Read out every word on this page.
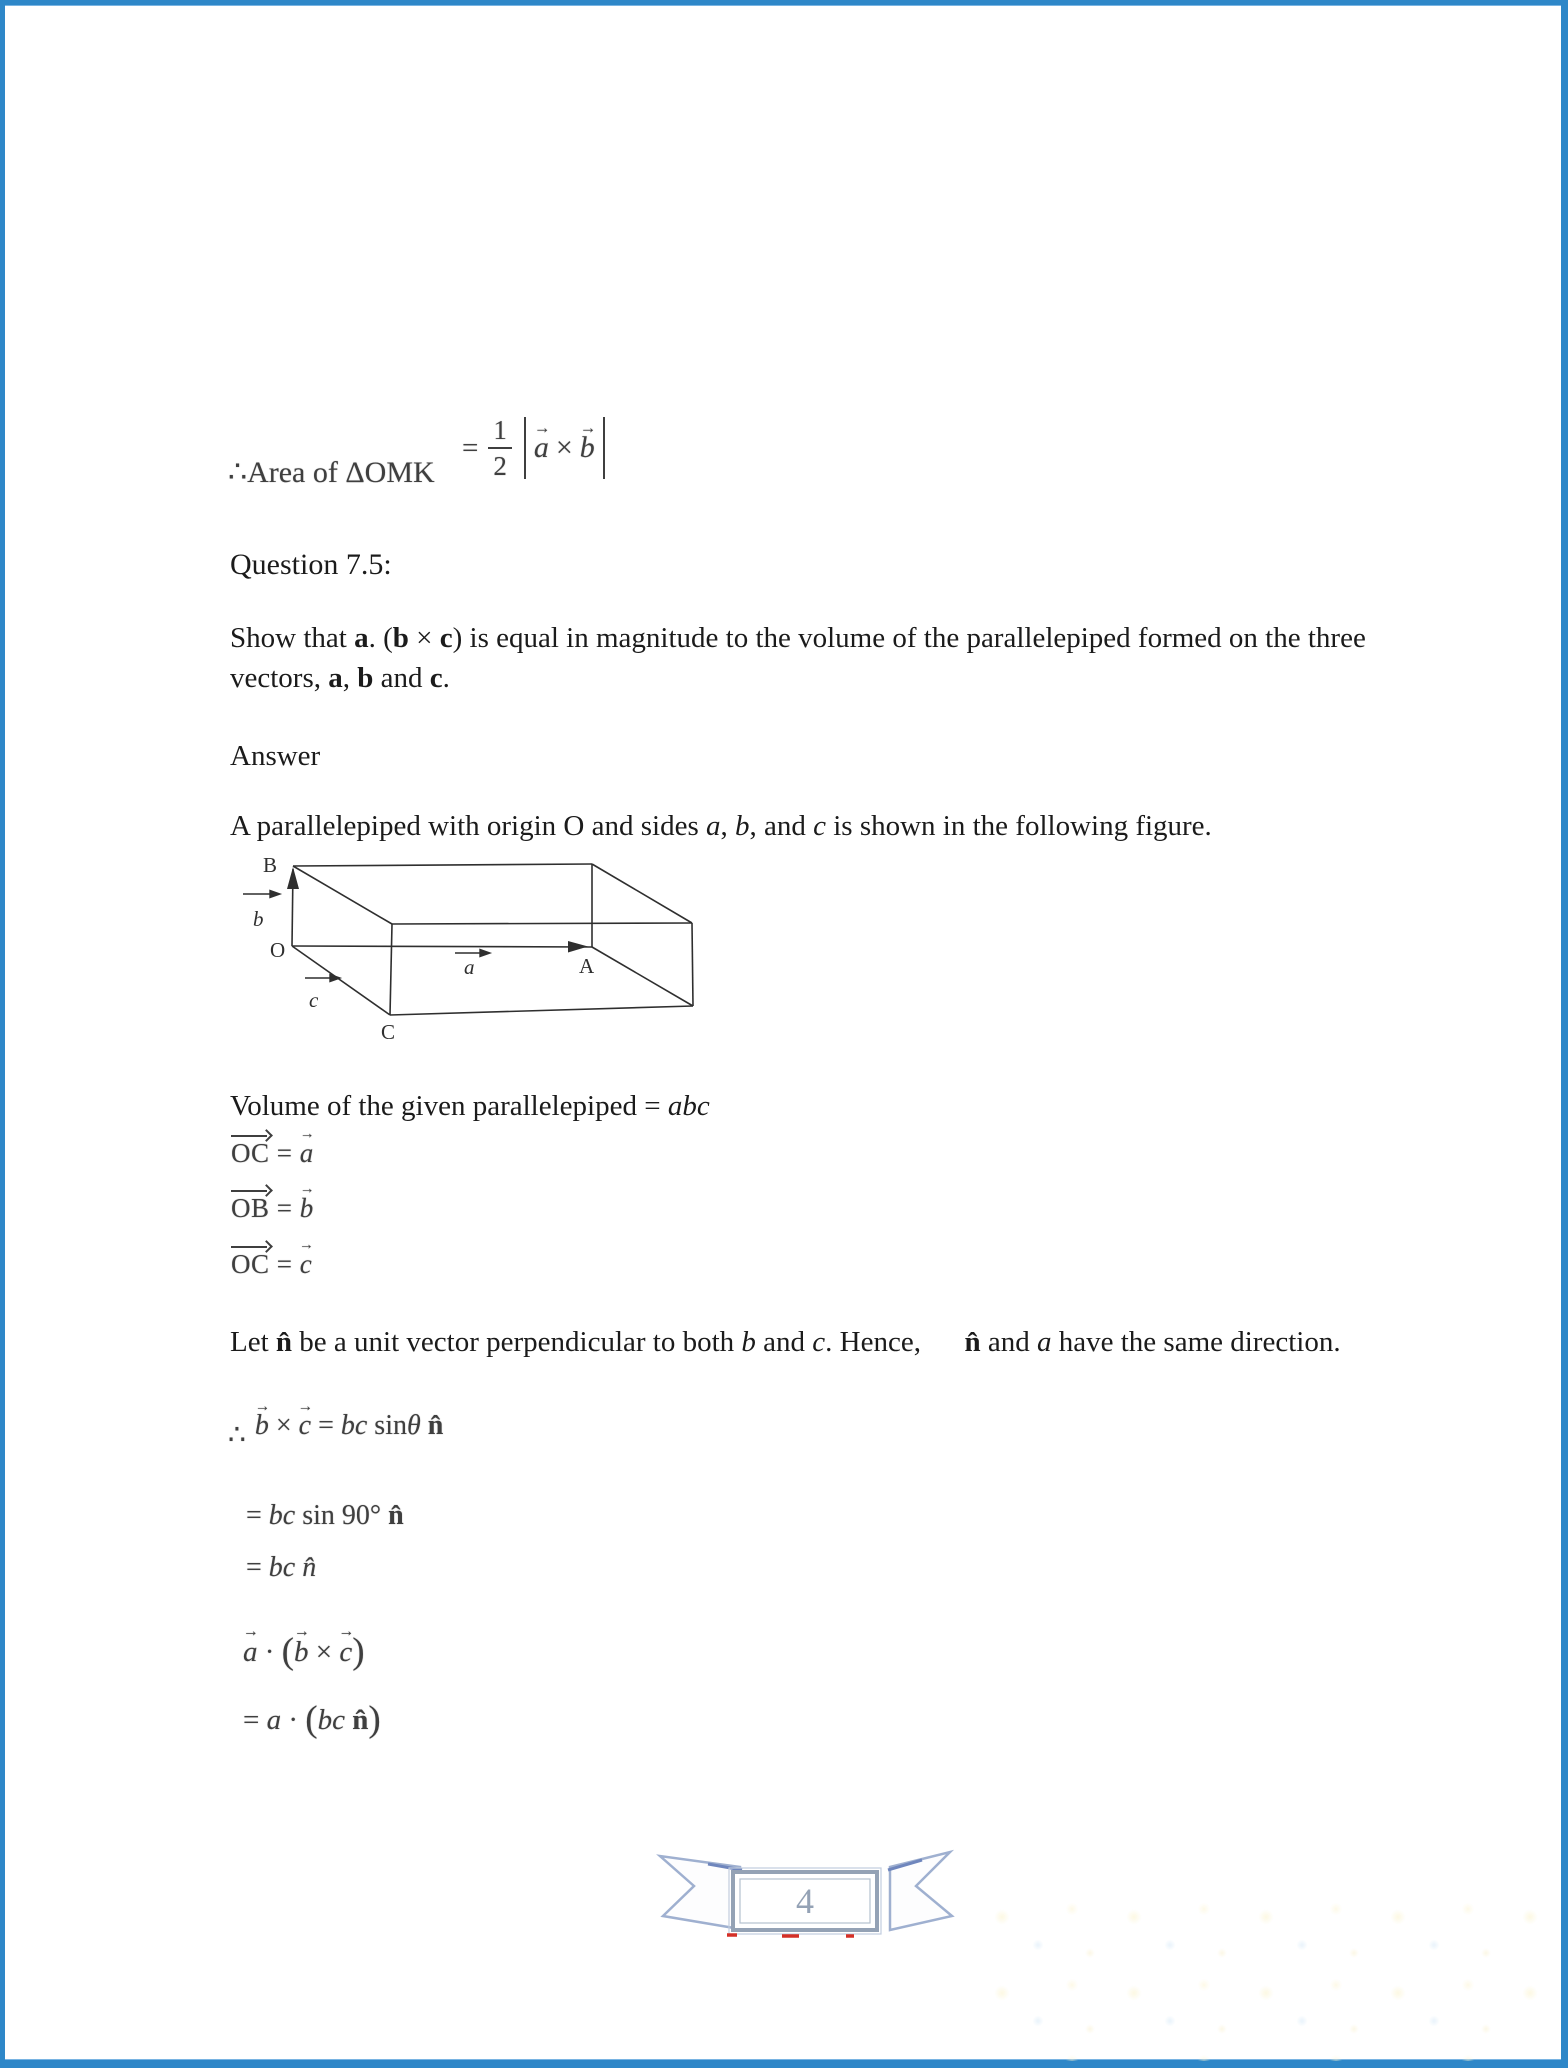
∴Area of ΔOMK
= $\frac{1}{2}$ a → × b →
Question 7.5:
Show that a. (b × c) is equal in magnitude to the volume of the parallelepiped formed on the three vectors, a, b and c.
Answer
A parallelepiped with origin O and sides a, b, and c is shown in the following figure.
B
O
A
C
b
a
c
Volume of the given parallelepiped = abc
OC = a →
OB = b →
OC = c →
Let n̂ be a unit vector perpendicular to both b and c. Hence,      n̂ and a have the same direction.
∴ b → × c → = bc sinθ n̂
= bc sin 90° n̂
= bc n̂
a → · (b → × c →)
= a · (bc n̂)
4
